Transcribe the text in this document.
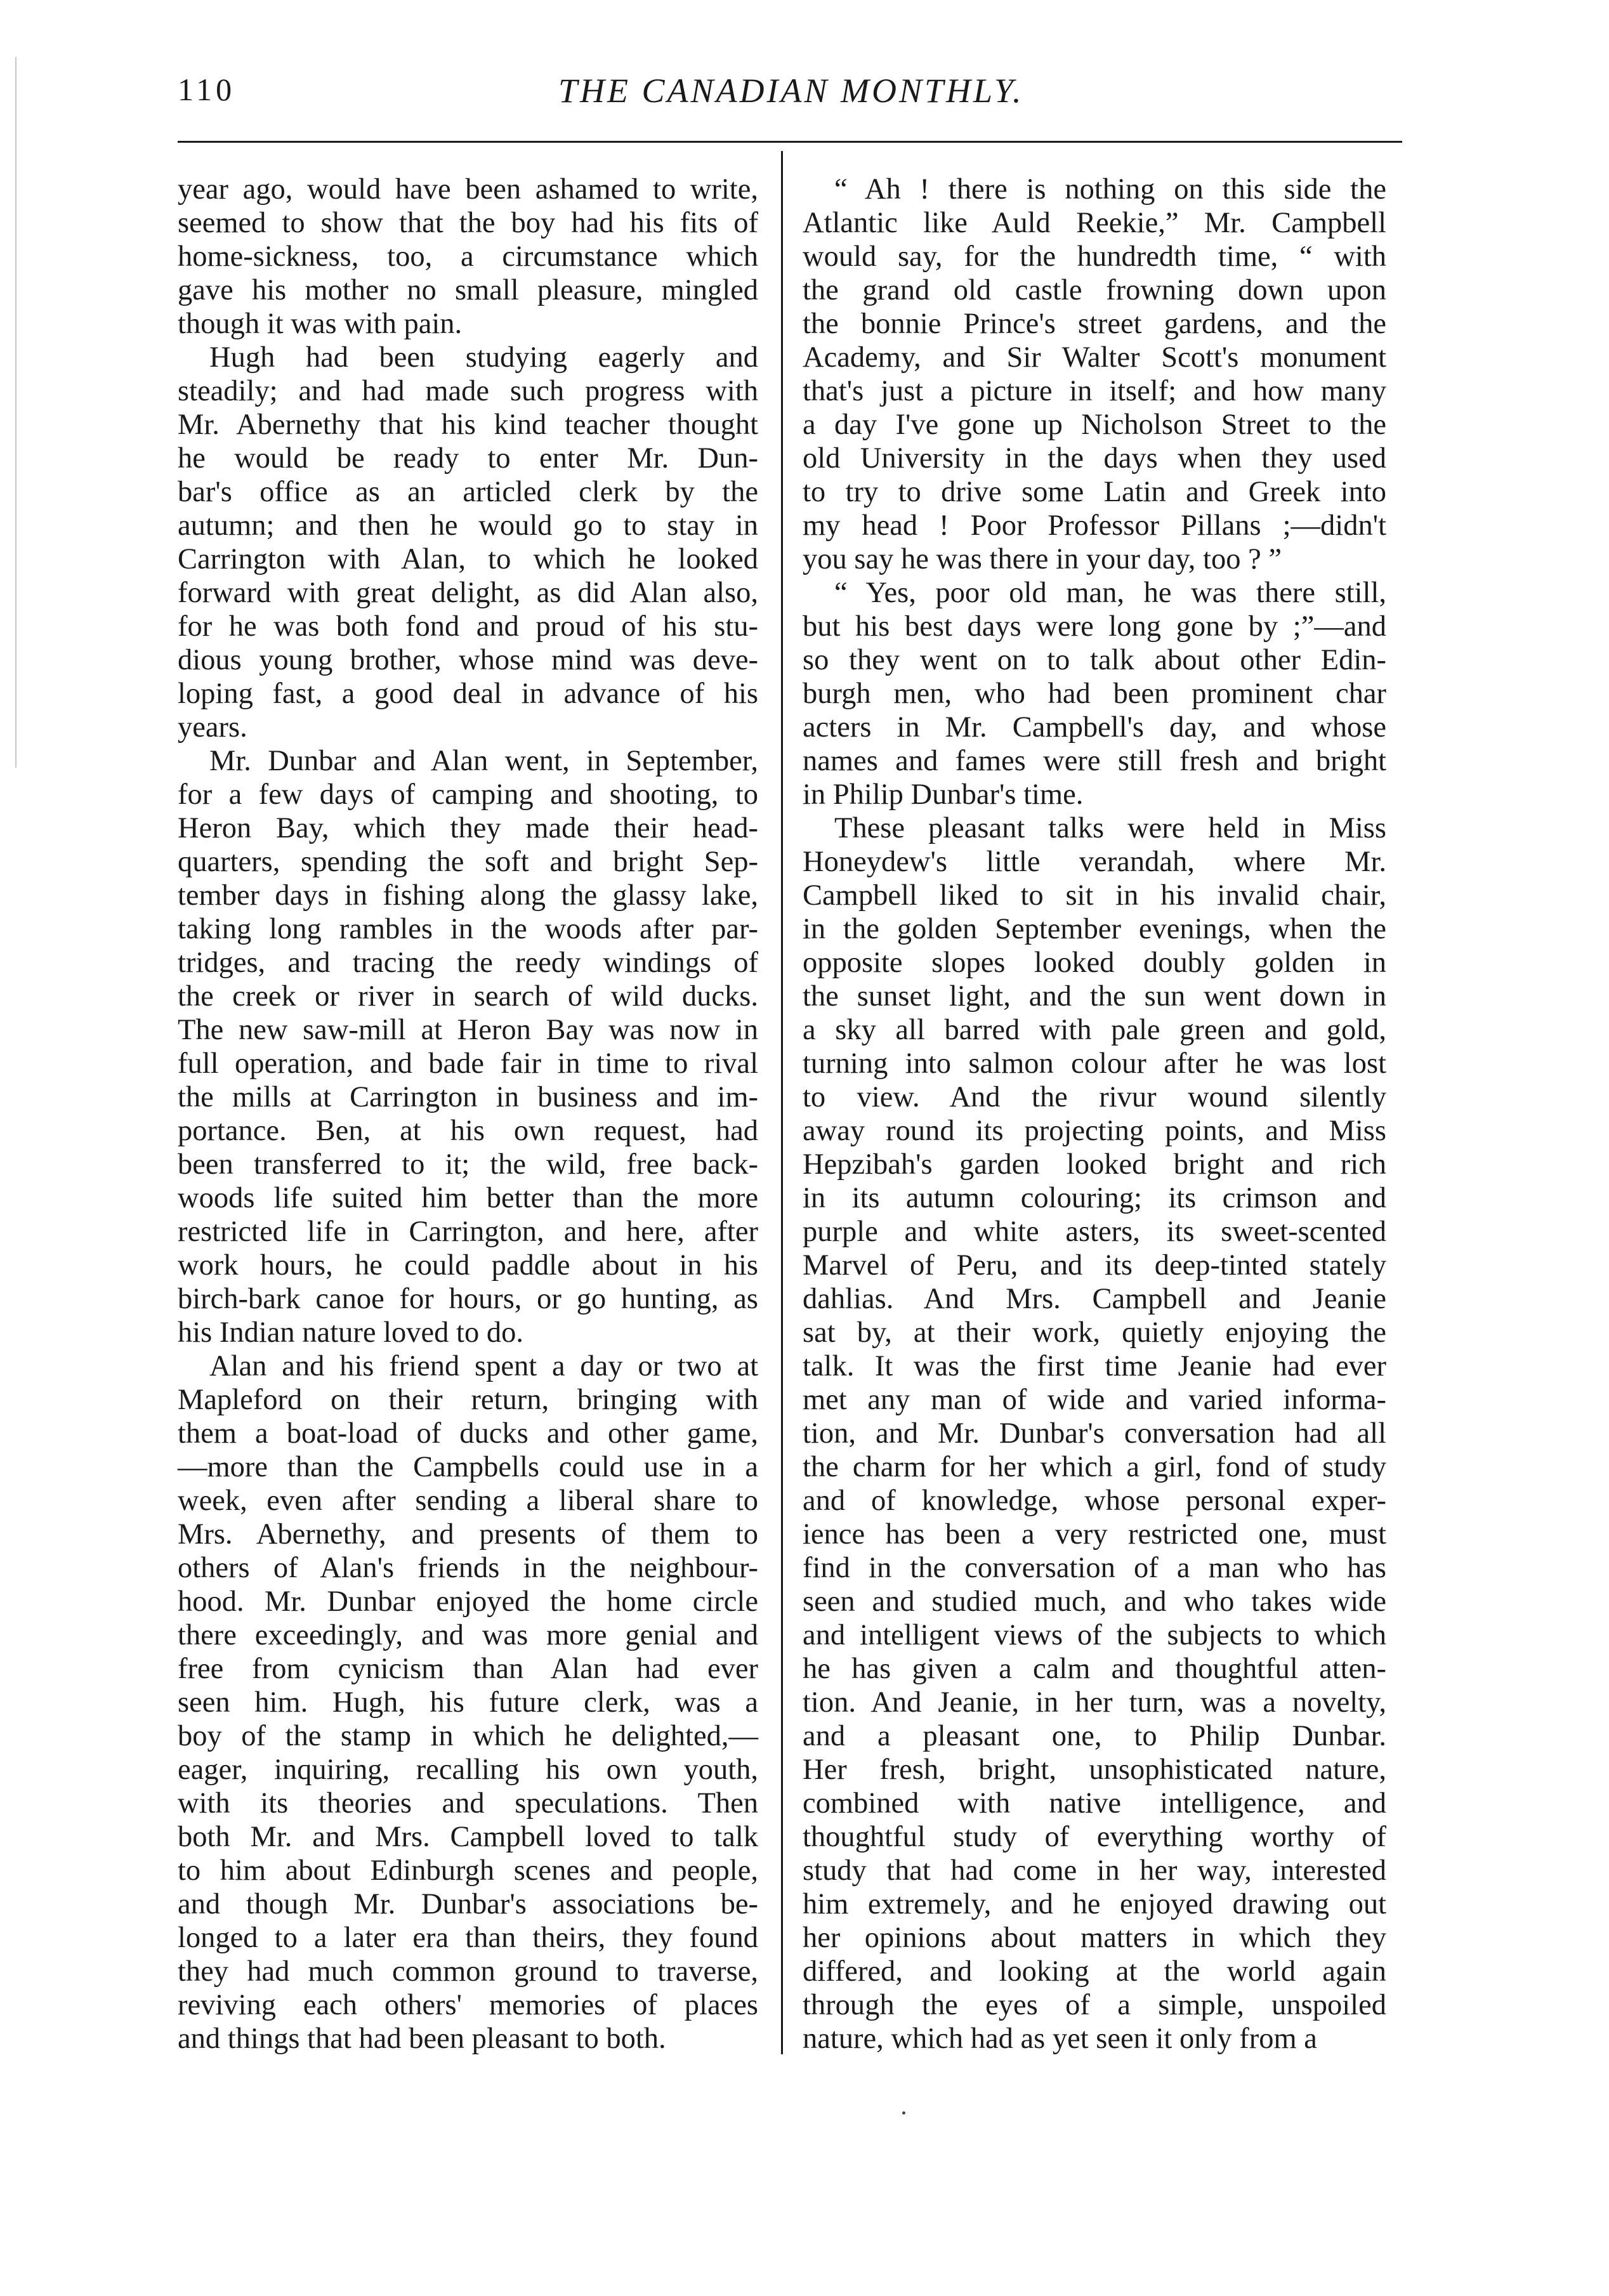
110	THE CANADIAN MONTHLY.
year ago, would have been ashamed to write,
seemed to show that the boy had his fits of
home-sickness, too, a circumstance which
gave his mother no small pleasure, mingled
though it was with pain.
Hugh had been studying eagerly and
steadily; and had made such progress with
Mr. Abernethy that his kind teacher thought
he would be ready to enter Mr. Dun-
bar's office as an articled clerk by the
autumn; and then he would go to stay in
Carrington with Alan, to which he looked
forward with great delight, as did Alan also,
for he was both fond and proud of his stu-
dious young brother, whose mind was deve-
loping fast, a good deal in advance of his
years.
Mr. Dunbar and Alan went, in September,
for a few days of camping and shooting, to
Heron Bay, which they made their head-
quarters, spending the soft and bright Sep-
tember days in fishing along the glassy lake,
taking long rambles in the woods after par-
tridges, and tracing the reedy windings of
the creek or river in search of wild ducks.
The new saw-mill at Heron Bay was now in
full operation, and bade fair in time to rival
the mills at Carrington in business and im-
portance. Ben, at his own request, had
been transferred to it; the wild, free back-
woods life suited him better than the more
restricted life in Carrington, and here, after
work hours, he could paddle about in his
birch-bark canoe for hours, or go hunting, as
his Indian nature loved to do.
Alan and his friend spent a day or two at
Mapleford on their return, bringing with
them a boat-load of ducks and other game,
—more than the Campbells could use in a
week, even after sending a liberal share to
Mrs. Abernethy, and presents of them to
others of Alan's friends in the neighbour-
hood. Mr. Dunbar enjoyed the home circle
there exceedingly, and was more genial and
free from cynicism than Alan had ever
seen him. Hugh, his future clerk, was a
boy of the stamp in which he delighted,—
eager, inquiring, recalling his own youth,
with its theories and speculations. Then
both Mr. and Mrs. Campbell loved to talk
to him about Edinburgh scenes and people,
and though Mr. Dunbar's associations be-
longed to a later era than theirs, they found
they had much common ground to traverse,
reviving each others' memories of places
and things that had been pleasant to both.
“ Ah ! there is nothing on this side the
Atlantic like Auld Reekie,” Mr. Campbell
would say, for the hundredth time, “ with
the grand old castle frowning down upon
the bonnie Prince's street gardens, and the
Academy, and Sir Walter Scott's monument
that's just a picture in itself; and how many
a day I've gone up Nicholson Street to the
old University in the days when they used
to try to drive some Latin and Greek into
my head ! Poor Professor Pillans ;—didn't
you say he was there in your day, too ? ”
“ Yes, poor old man, he was there still,
but his best days were long gone by ;”—and
so they went on to talk about other Edin-
burgh men, who had been prominent char
acters in Mr. Campbell's day, and whose
names and fames were still fresh and bright
in Philip Dunbar's time.
These pleasant talks were held in Miss
Honeydew's little verandah, where Mr.
Campbell liked to sit in his invalid chair,
in the golden September evenings, when the
opposite slopes looked doubly golden in
the sunset light, and the sun went down in
a sky all barred with pale green and gold,
turning into salmon colour after he was lost
to view. And the rivur wound silently
away round its projecting points, and Miss
Hepzibah's garden looked bright and rich
in its autumn colouring; its crimson and
purple and white asters, its sweet-scented
Marvel of Peru, and its deep-tinted stately
dahlias. And Mrs. Campbell and Jeanie
sat by, at their work, quietly enjoying the
talk. It was the first time Jeanie had ever
met any man of wide and varied informa-
tion, and Mr. Dunbar's conversation had all
the charm for her which a girl, fond of study
and of knowledge, whose personal exper-
ience has been a very restricted one, must
find in the conversation of a man who has
seen and studied much, and who takes wide
and intelligent views of the subjects to which
he has given a calm and thoughtful atten-
tion. And Jeanie, in her turn, was a novelty,
and a pleasant one, to Philip Dunbar.
Her fresh, bright, unsophisticated nature,
combined with native intelligence, and
thoughtful study of everything worthy of
study that had come in her way, interested
him extremely, and he enjoyed drawing out
her opinions about matters in which they
differed, and looking at the world again
through the eyes of a simple, unspoiled
nature, which had as yet seen it only from a
